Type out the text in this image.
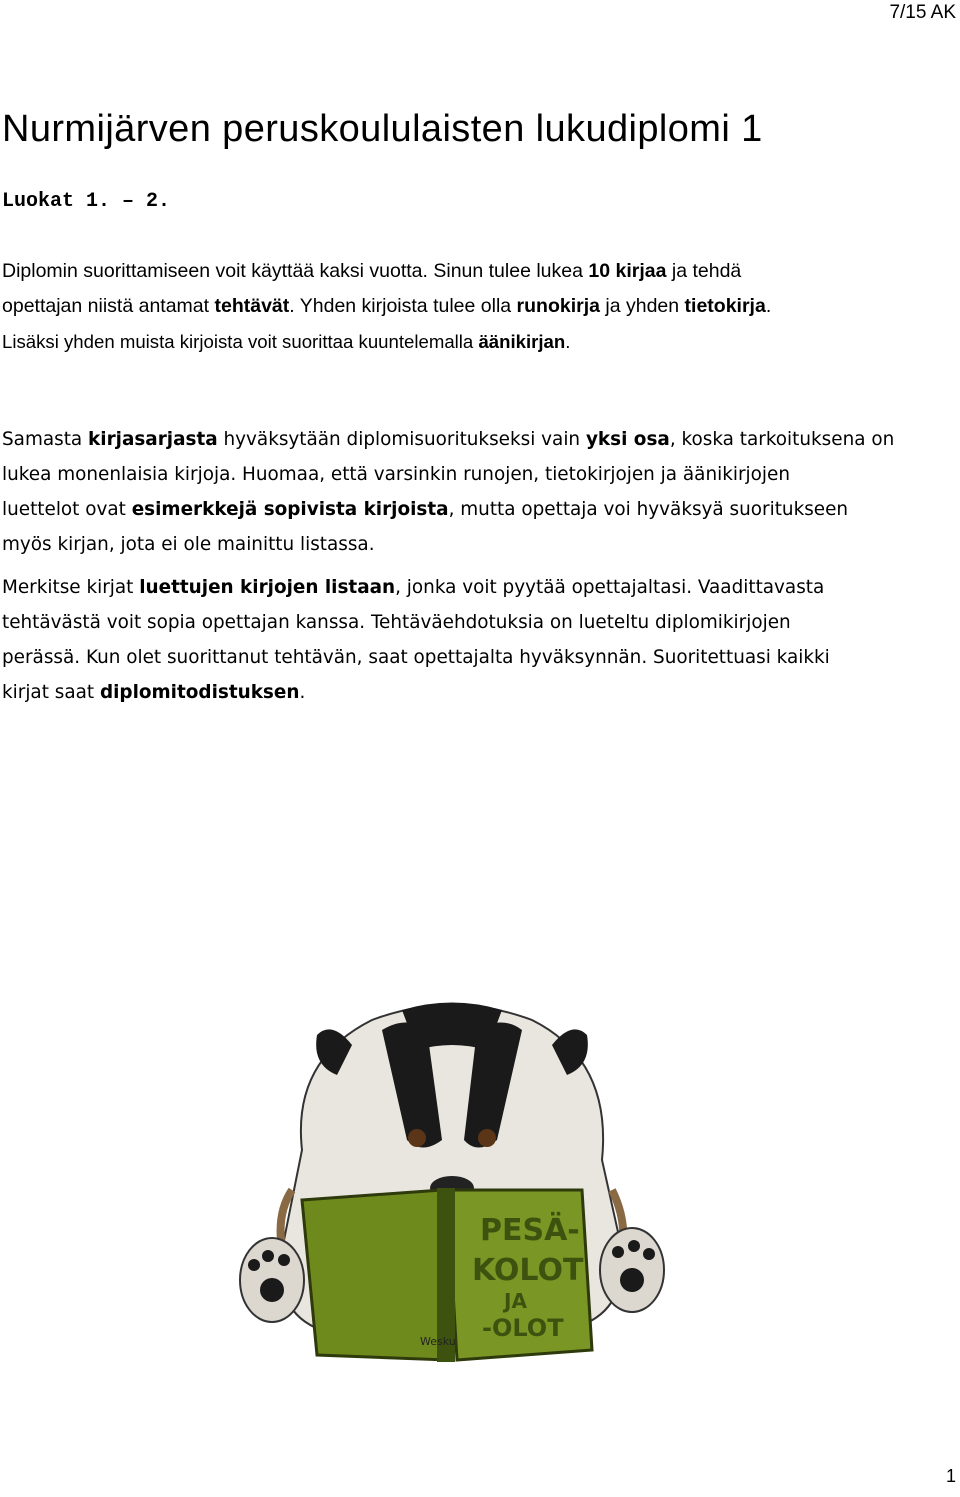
7/15 AK
Nurmijärven peruskoululaisten lukudiplomi 1
Luokat 1. – 2.

Diplomin suorittamiseen voit käyttää kaksi vuotta. Sinun tulee lukea 10 kirjaa ja tehdä
opettajan niistä antamat tehtävät. Yhden kirjoista tulee olla runokirja ja yhden tietokirja.
Lisäksi yhden muista kirjoista voit suorittaa kuuntelemalla äänikirjan.

Samasta kirjasarjasta hyväksytään diplomisuoritukseksi vain yksi osa, koska tarkoituksena on
lukea monenlaisia kirjoja. Huomaa, että varsinkin runojen, tietokirjojen ja äänikirjojen
luettelot ovat esimerkkejä sopivista kirjoista, mutta opettaja voi hyväksyä suoritukseen
myös kirjan, jota ei ole mainittu listassa.

Merkitse kirjat luettujen kirjojen listaan, jonka voit pyytää opettajaltasi. Vaadittavasta
tehtävästä voit sopia opettajan kanssa. Tehtäväehdotuksia on lueteltu diplomikirjojen
perässä. Kun olet suorittanut tehtävän, saat opettajalta hyväksynnän. Suoritettuasi kaikki
kirjat saat diplomitodistuksen.

PESÄ-
KOLOT
JA
-OLOT
Wesku
1
